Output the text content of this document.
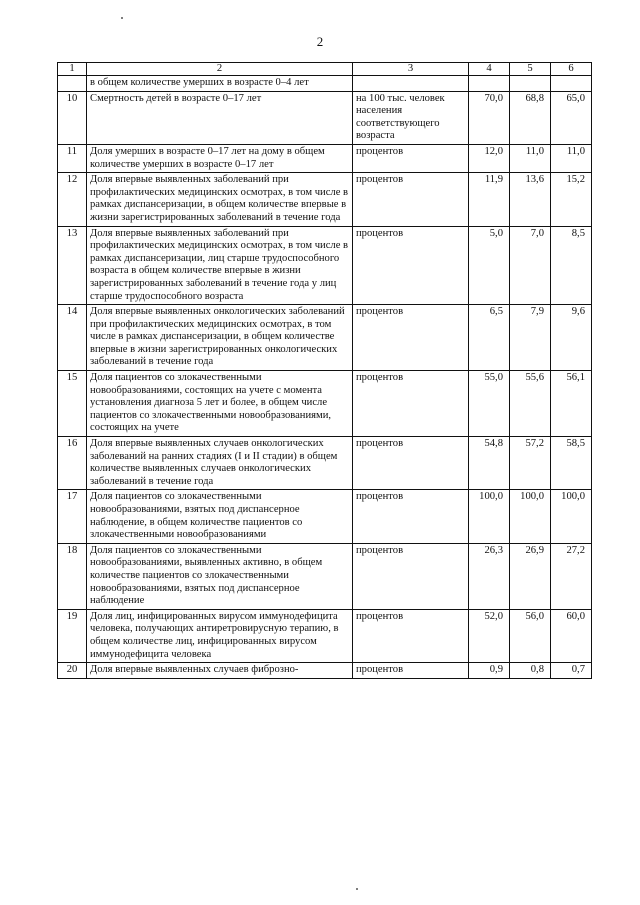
2
1	2	3	4	5	6
	в общем количестве умерших в возрасте 0–4 лет				
10	Смертность детей в возрасте 0–17 лет	на 100 тыс. человек населения соответствующего возраста	70,0	68,8	65,0
11	Доля умерших в возрасте 0–17 лет на дому в общем количестве умерших в возрасте 0–17 лет	процентов	12,0	11,0	11,0
12	Доля впервые выявленных заболеваний при профилактических медицинских осмотрах, в том числе в рамках диспансеризации, в общем количестве впервые в жизни зарегистрированных заболеваний в течение года	процентов	11,9	13,6	15,2
13	Доля впервые выявленных заболеваний при профилактических медицинских осмотрах, в том числе в рамках диспансеризации, лиц старше трудоспособного возраста в общем количестве впервые в жизни зарегистрированных заболеваний в течение года у лиц старше трудоспособного возраста	процентов	5,0	7,0	8,5
14	Доля впервые выявленных онкологических заболеваний при профилактических медицинских осмотрах, в том числе в рамках диспансеризации, в общем количестве впервые в жизни зарегистрированных онкологических заболеваний в течение года	процентов	6,5	7,9	9,6
15	Доля пациентов со злокачественными новообразованиями, состоящих на учете с момента установления диагноза 5 лет и более, в общем числе пациентов со злокачественными новообразованиями, состоящих на учете	процентов	55,0	55,6	56,1
16	Доля впервые выявленных случаев онкологических заболеваний на ранних стадиях (I и II стадии) в общем количестве выявленных случаев онкологических заболеваний в течение года	процентов	54,8	57,2	58,5
17	Доля пациентов со злокачественными новообразованиями, взятых под диспансерное наблюдение, в общем количестве пациентов со злокачественными новообразованиями	процентов	100,0	100,0	100,0
18	Доля пациентов со злокачественными новообразованиями, выявленных активно, в общем количестве пациентов со злокачественными новообразованиями, взятых под диспансерное наблюдение	процентов	26,3	26,9	27,2
19	Доля лиц, инфицированных вирусом иммунодефицита человека, получающих антиретровирусную терапию, в общем количестве лиц, инфицированных вирусом иммунодефицита человека	процентов	52,0	56,0	60,0
20	Доля впервые выявленных случаев фиброзно-	процентов	0,9	0,8	0,7
